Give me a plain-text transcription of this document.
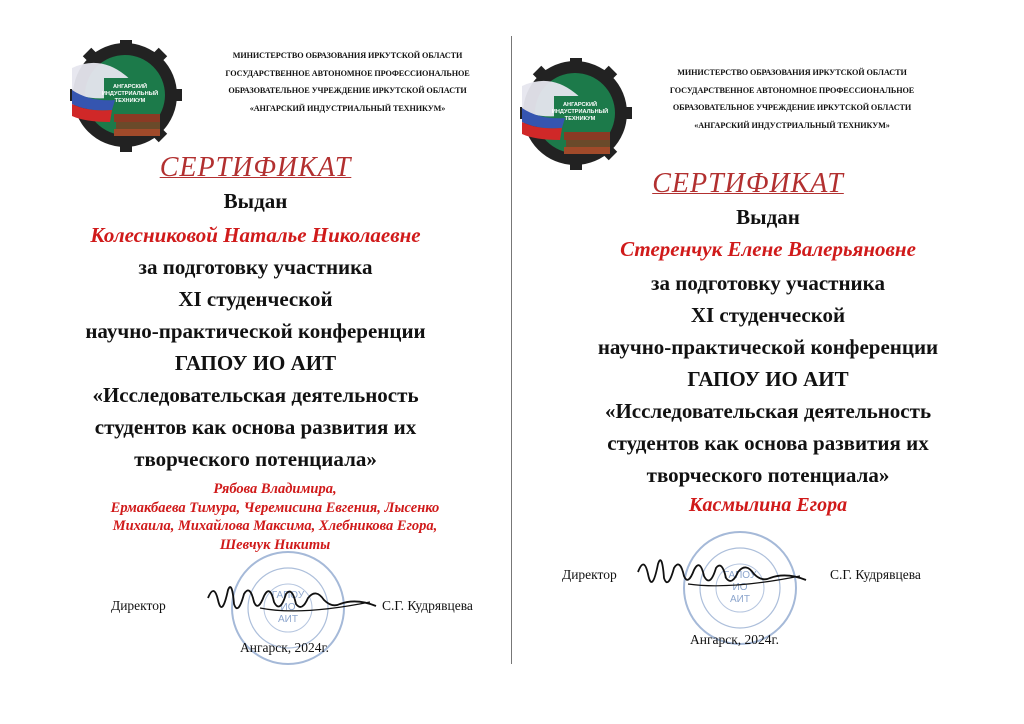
АНГАРСКИЙ
ИНДУСТРИАЛЬНЫЙ
ТЕХНИКУМ
МИНИСТЕРСТВО ОБРАЗОВАНИЯ ИРКУТСКОЙ ОБЛАСТИ
ГОСУДАРСТВЕННОЕ АВТОНОМНОЕ ПРОФЕССИОНАЛЬНОЕ
ОБРАЗОВАТЕЛЬНОЕ УЧРЕЖДЕНИЕ ИРКУТСКОЙ ОБЛАСТИ
«АНГАРСКИЙ ИНДУСТРИАЛЬНЫЙ ТЕХНИКУМ»
СЕРТИФИКАТ
Выдан
Колесниковой Наталье Николаевне
за подготовку участника
XI студенческой
научно-практической конференции
ГАПОУ ИО АИТ
«Исследовательская деятельность
студентов как основа развития их
творческого потенциала»
Рябова Владимира,
Ермакбаева Тимура, Черемисина Евгения, Лысенко
Михаила, Михайлова Максима, Хлебникова Егора,
Шевчук Никиты
ГАПОУ
ИО
АИТ
Директор	С.Г. Кудрявцева
Ангарск, 2024г.
АНГАРСКИЙ
ИНДУСТРИАЛЬНЫЙ
ТЕХНИКУМ
МИНИСТЕРСТВО ОБРАЗОВАНИЯ ИРКУТСКОЙ ОБЛАСТИ
ГОСУДАРСТВЕННОЕ АВТОНОМНОЕ ПРОФЕССИОНАЛЬНОЕ
ОБРАЗОВАТЕЛЬНОЕ УЧРЕЖДЕНИЕ ИРКУТСКОЙ ОБЛАСТИ
«АНГАРСКИЙ ИНДУСТРИАЛЬНЫЙ ТЕХНИКУМ»
СЕРТИФИКАТ
Выдан
Стеренчук Елене Валерьяновне
за подготовку участника
XI студенческой
научно-практической конференции
ГАПОУ ИО АИТ
«Исследовательская деятельность
студентов как основа развития их
творческого потенциала»
Касмылина Егора
ГАПОУ
ИО
АИТ
Директор	С.Г. Кудрявцева
Ангарск, 2024г.
